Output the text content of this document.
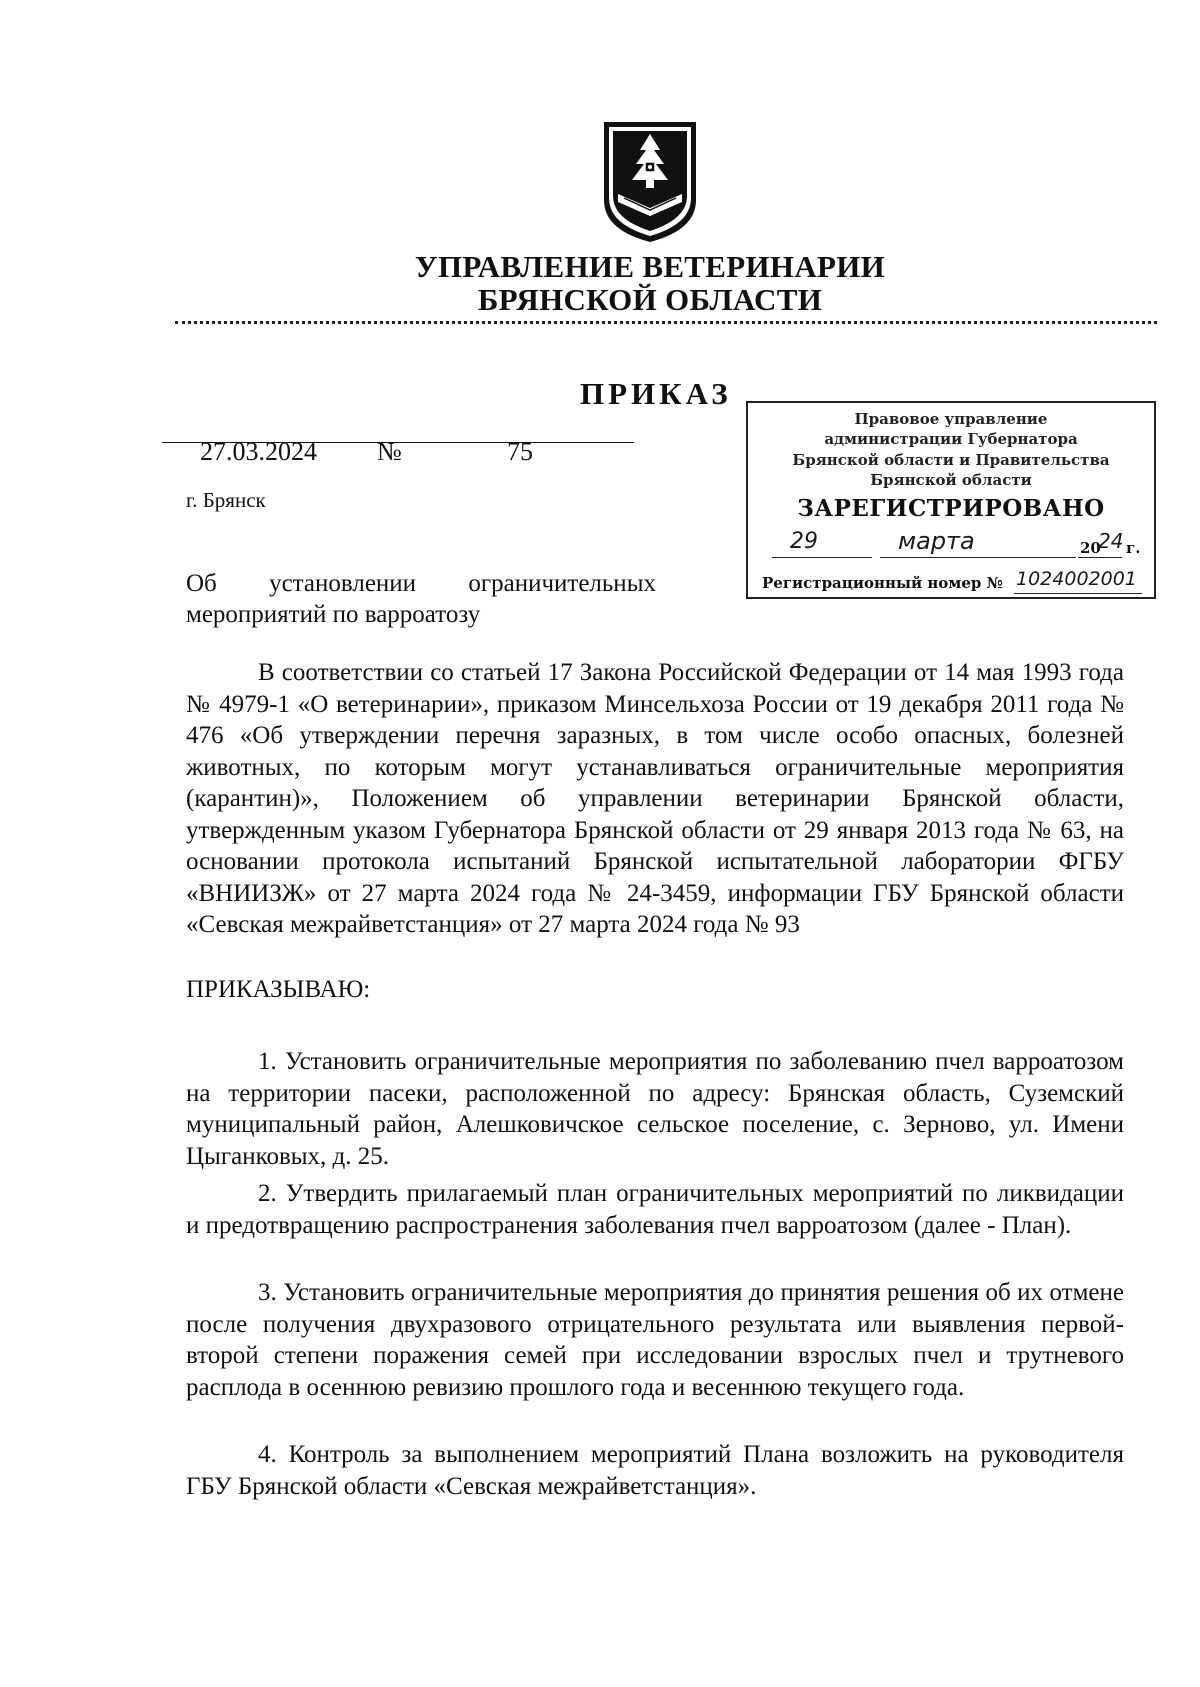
УПРАВЛЕНИЕ ВЕТЕРИНАРИИ
БРЯНСКОЙ ОБЛАСТИ
ПРИКАЗ
27.03.2024 №	75
г. Брянск
Об установлении ограничительных мероприятий по варроатозу
Правовое управление
администрации Губернатора
Брянской области и Правительства
Брянской области
ЗАРЕГИСТРИРОВАНО
29	марта	20
24 г.
Регистрационный номер № 1024002001

В соответствии со статьей 17 Закона Российской Федерации от 14 мая 1993 года № 4979-1 «О ветеринарии», приказом Минсельхоза России от 19 декабря 2011 года № 476 «Об утверждении перечня заразных, в том числе особо опасных, болезней животных, по которым могут устанавливаться ограничительные мероприятия (карантин)», Положением об управлении ветеринарии Брянской области, утвержденным указом Губернатора Брянской области от 29 января 2013 года № 63, на основании протокола испытаний Брянской испытательной лаборатории ФГБУ «ВНИИЗЖ» от 27 марта 2024 года № 24-3459, информации ГБУ Брянской области «Севская межрайветстанция» от 27 марта 2024 года № 93

ПРИКАЗЫВАЮ:

1. Установить ограничительные мероприятия по заболеванию пчел варроатозом на территории пасеки, расположенной по адресу: Брянская область, Суземский муниципальный район, Алешковичское сельское поселение, с. Зерново, ул. Имени Цыганковых, д. 25.

2. Утвердить прилагаемый план ограничительных мероприятий по ликвидации и предотвращению распространения заболевания пчел варроатозом (далее - План).

3. Установить ограничительные мероприятия до принятия решения об их отмене после получения двухразового отрицательного результата или выявления первой-второй степени поражения семей при исследовании взрослых пчел и трутневого расплода в осеннюю ревизию прошлого года и весеннюю текущего года.

4. Контроль за выполнением мероприятий Плана возложить на руководителя ГБУ Брянской области «Севская межрайветстанция».
